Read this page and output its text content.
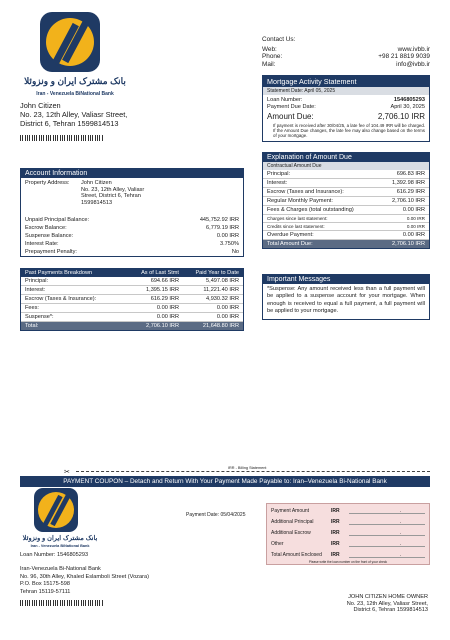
بانک مشترک ایران و ونزوئلا
Iran - Venezuela BiNational Bank
John Citizen
No. 23, 12th Alley, Valiasr Street,
District 6, Tehran 1599814513
Contact Us:
Web:	www.ivbb.ir
Phone:	+98 21 8819 9039
Mail:	info@ivbb.ir
Mortgage Activity Statement
Statement Date: April 05, 2025
Loan Number:	1546805293
Payment Due Date:	April 30, 2025
Amount Due:	2,706.10 IRR
If payment is received after 30/04/25, a late fee of 104.49 IRR will be charged. If the Amount Due changes, the late fee may also change based on the terms of your mortgage.
Explanation of Amount Due
Contractual Amount Due
Principal:	696.83 IRR
Interest:	1,392.98 IRR
Escrow (Taxes and Insurance):	616.29 IRR
Regular Monthly Payment:	2,706.10 IRR
Fees & Charges (total outstanding)	0.00 IRR
Charges since last statement:	0.00 IRR
Credits since last statement:	0.00 IRR
Overdue Payment:	0.00 IRR
Total Amount Due:	2,706.10 IRR
Account Information
Property Address:	John Citizen
No. 23, 12th Alley, Valiasr
Street, District 6, Tehran
1599814513
Unpaid Principal Balance:	445,752.92 IRR
Escrow Balance:	6,779.19 IRR
Suspense Balance:	0.00 IRR
Interest Rate:	3.750%
Prepayment Penalty:	No
Past Payments Breakdown	As of Last Stmt	Paid Year to Date
Principal:	694.66 IRR	5,497.08 IRR
Interest:	1,395.15 IRR	11,221.40 IRR
Escrow (Taxes & Insurance):	616.29 IRR	4,930.32 IRR
Fees:	0.00 IRR	0.00 IRR
Suspense*:	0.00 IRR	0.00 IRR
Total:	2,706.10 IRR	21,648.80 IRR
Important Messages
*Suspense: Any amount received less than a full payment will be applied to a suspense account for your mortgage. When enough is received to equal a full payment, a full payment will be applied to your mortgage.
✂
IRR - Billing Statement
PAYMENT COUPON – Detach and Return With Your Payment Made Payable to: Iran–Venezuela Bi-National Bank
بانک مشترک ایران و ونزوئلا
Iran - Venezuela BiNational Bank
Loan Number: 1546805293
Iran-Venezuela Bi-National Bank
No. 96, 30th Alley, Khaled Eslamboli Street (Vozara)
P.O. Box 15175-598
Tehran 15119-57111
Payment Date: 05/04/2025
Payment Amount	IRR
.
Additional Principal	IRR
.
Additional Escrow	IRR
.
Other	IRR
.
Total Amount Enclosed	IRR
.
Please write the loan number on the front of your check
JOHN CITIZEN HOME OWNER
No. 23, 12th Alley, Valiasr Street,
District 6, Tehran 1599814513
